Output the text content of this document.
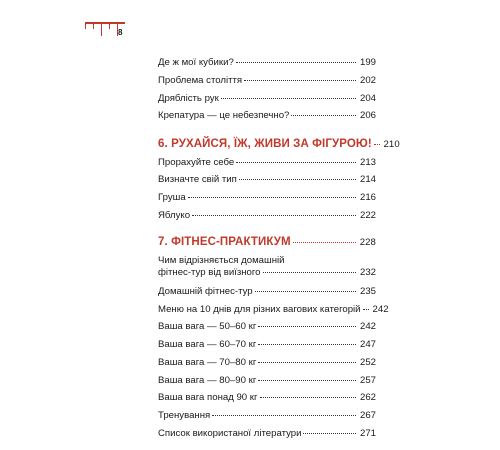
8
Де ж мої кубики?	199
Проблема століття	202
Дряблість рук	204
Крепатура — це небезпечно?	206
6. РУХАЙСЯ, ЇЖ, ЖИВИ ЗА ФІГУРОЮ! 210
Прорахуйте себе	213
Визначте свій тип	214
Груша	216
Яблуко	222
7. ФІТНЕС-ПРАКТИКУМ	228
Чим відрізняється домашній
фітнес-тур від виїзного	232
Домашній фітнес-тур	235
Меню на 10 днів для різних вагових категорій 242
Ваша вага — 50–60 кг	242
Ваша вага — 60–70 кг	247
Ваша вага — 70–80 кг	252
Ваша вага — 80–90 кг	257
Ваша вага понад 90 кг	262
Тренування	267
Список використаної літератури	271
